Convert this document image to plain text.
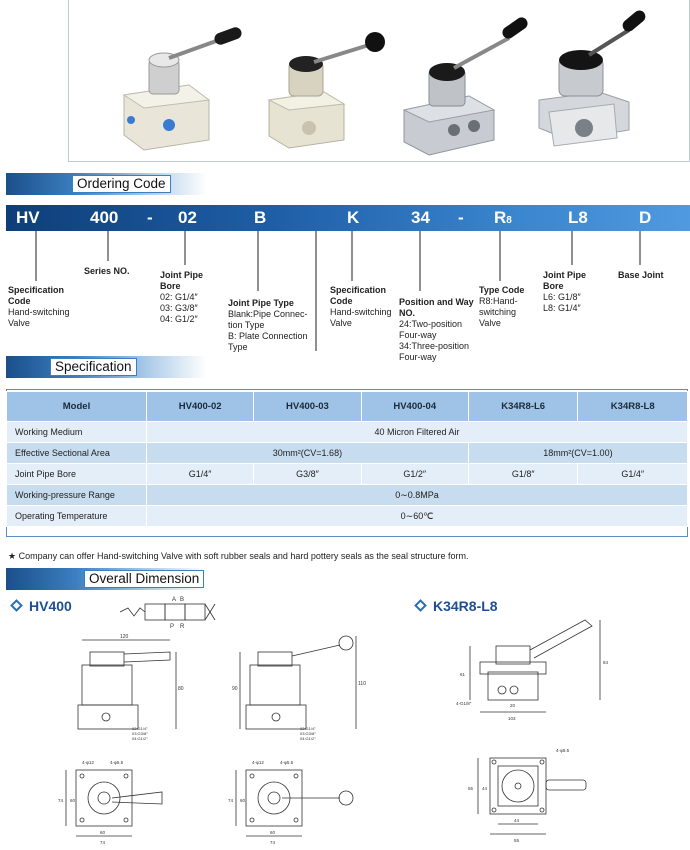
Ordering Code
HV	400 - 02	B	K	34 - R8	L8	D
Specification Code
Hand-switching
Valve
Series NO.	Joint Pipe Bore
02: G1/4″
03: G3/8″
04: G1/2″
Joint Pipe Type
Blank:Pipe Connec-
tion Type
B: Plate Connection
Type
Specification Code
Hand-switching
Valve
Position and Way NO.
24:Two-position
Four-way
34:Three-position
Four-way
Type Code
R8:Hand-
switching
Valve
Joint Pipe Bore
L6: G1/8″
L8: G1/4″
Base Joint
Specification
Model	HV400-02	HV400-03	HV400-04	K34R8-L6	K34R8-L8
Working Medium	40 Micron Filtered Air				
Effective Sectional Area	30mm²(CV=1.68)			18mm²(CV=1.00)	
Joint Pipe Bore	G1/4″	G3/8″	G1/2″	G1/8″	G1/4″
Working-pressure Range	0∼0.8MPa				
Operating Temperature	0∼60℃				
★ Company can offer Hand-switching Valve with soft rubber seals and hard pottery seals as the seal structure form.
Overall Dimension
HV400	K34R8-L8
A B
P R
120
80
02:G1/4″
03:G3/8″
04:G1/2″
90
110
02:G1/4″
03:G3/8″
04:G1/2″
4-φ12	4-φ5.5
60
74
74 60
4-φ12	4-φ5.5
60
74
74 60
103
61
84
20
4-G1/8″
4-φ5.5
44
55
55 44
